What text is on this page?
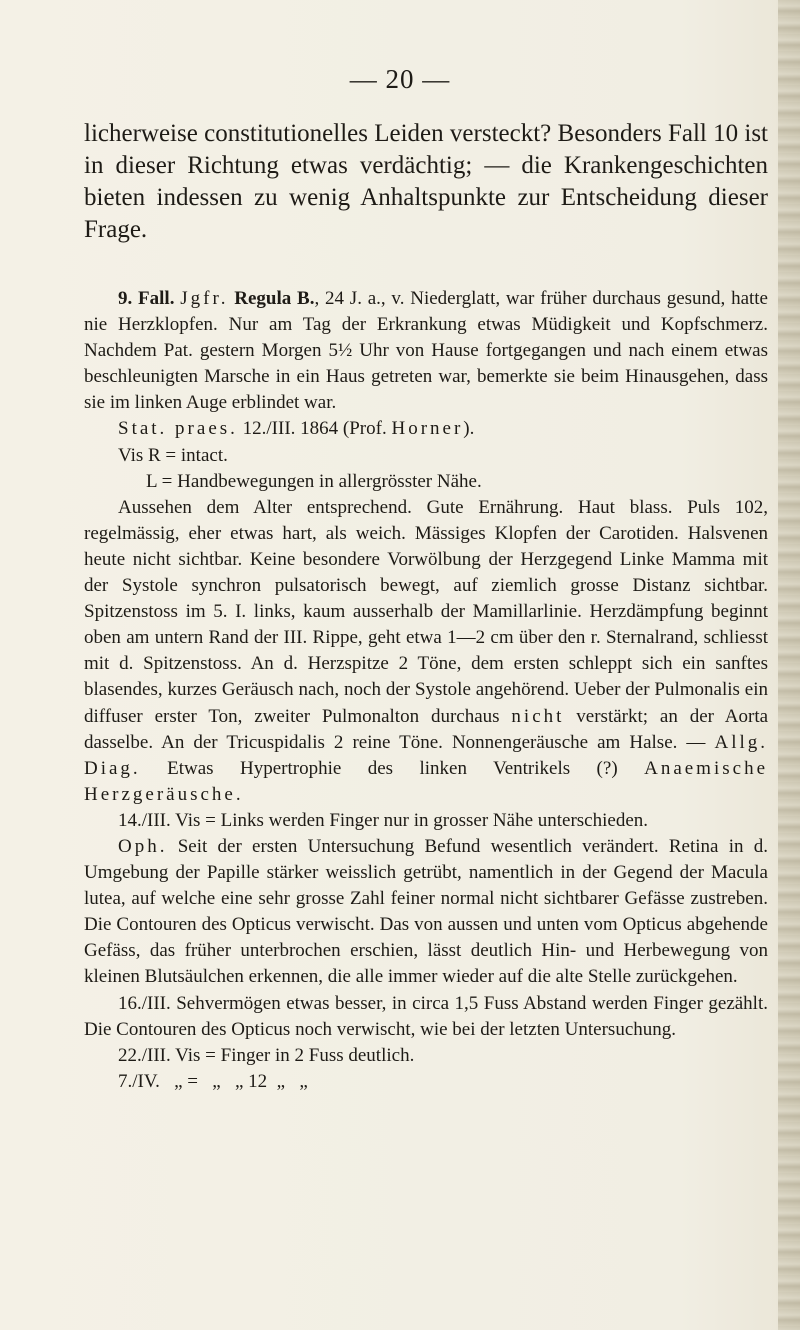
— 20 —
licherweise constitutionelles Leiden versteckt? Besonders Fall 10 ist in dieser Richtung etwas verdächtig; — die Krankengeschichten bieten indessen zu wenig Anhaltspunkte zur Entscheidung dieser Frage.

9. Fall. Jgfr. Regula B., 24 J. a., v. Niederglatt, war früher durchaus gesund, hatte nie Herzklopfen. Nur am Tag der Erkrankung etwas Müdigkeit und Kopfschmerz. Nachdem Pat. gestern Morgen 5½ Uhr von Hause fortgegangen und nach einem etwas beschleunigten Marsche in ein Haus getreten war, bemerkte sie beim Hinausgehen, dass sie im linken Auge erblindet war.

Stat. praes. 12./III. 1864 (Prof. Horner).

Vis R = intact.

L = Handbewegungen in allergrösster Nähe.

Aussehen dem Alter entsprechend. Gute Ernährung. Haut blass. Puls 102, regelmässig, eher etwas hart, als weich. Mässiges Klopfen der Carotiden. Halsvenen heute nicht sichtbar. Keine besondere Vorwölbung der Herzgegend Linke Mamma mit der Systole synchron pulsatorisch bewegt, auf ziemlich grosse Distanz sichtbar. Spitzenstoss im 5. I. links, kaum ausserhalb der Mamillarlinie. Herzdämpfung beginnt oben am untern Rand der III. Rippe, geht etwa 1—2 cm über den r. Sternalrand, schliesst mit d. Spitzenstoss. An d. Herzspitze 2 Töne, dem ersten schleppt sich ein sanftes blasendes, kurzes Geräusch nach, noch der Systole angehörend. Ueber der Pulmonalis ein diffuser erster Ton, zweiter Pulmonalton durchaus nicht verstärkt; an der Aorta dasselbe. An der Tricuspidalis 2 reine Töne. Nonnengeräusche am Halse. — Allg. Diag. Etwas Hypertrophie des linken Ventrikels (?) Anaemische Herzgeräusche.

14./III. Vis = Links werden Finger nur in grosser Nähe unterschieden.

Oph. Seit der ersten Untersuchung Befund wesentlich verändert. Retina in d. Umgebung der Papille stärker weisslich getrübt, namentlich in der Gegend der Macula lutea, auf welche eine sehr grosse Zahl feiner normal nicht sichtbarer Gefässe zustreben. Die Contouren des Opticus verwischt. Das von aussen und unten vom Opticus abgehende Gefäss, das früher unterbrochen erschien, lässt deutlich Hin- und Herbewegung von kleinen Blutsäulchen erkennen, die alle immer wieder auf die alte Stelle zurückgehen.

16./III. Sehvermögen etwas besser, in circa 1,5 Fuss Abstand werden Finger gezählt. Die Contouren des Opticus noch verwischt, wie bei der letzten Untersuchung.

22./III. Vis = Finger in 2 Fuss deutlich.

7./IV.   „ =   „   „ 12  „   „
